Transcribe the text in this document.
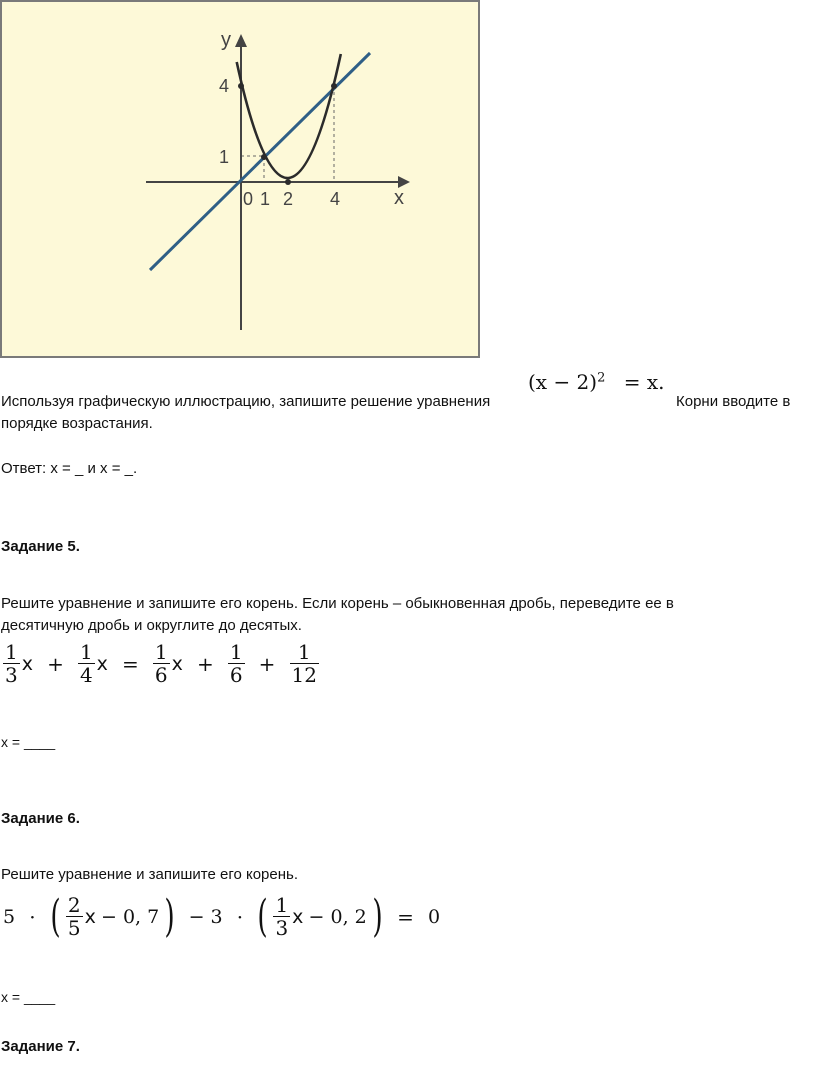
y
x
4
1
0 1 2 4
Используя графическую иллюстрацию, запишите решение уравнения
$(x - 2)^2 = x$.
Корни вводите в
порядке возрастания.
Ответ: x = _ и x = _.
Задание 5.
Решите уравнение и запишите его корень. Если корень – обыкновенная дробь, переведите ее в
десятичную дробь и округлите до десятых.
$\frac{1}{3}$ $x + \frac{1}{4}$ $x = \frac{1}{6}$ $x + \frac{1}{6} + \frac{1}{12}$
x = ____
Задание 6.
Решите уравнение и запишите его корень.
5 · ( $\frac{2}{5}$ x − 0, 7 ) − 3 · ( $\frac{1}{3}$ x − 0, 2 ) = 0
x = ____
Задание 7.
